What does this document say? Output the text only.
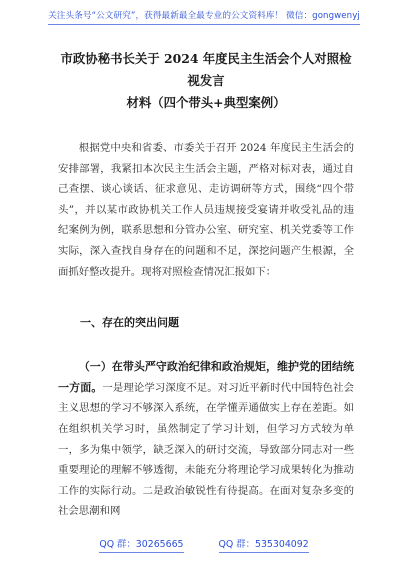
关注头条号“公文研究”，获得最新最全最专业的公文资料库！ 微信：gongwenyj
市政协秘书长关于 2024 年度民主生活会个人对照检视发言
材料（四个带头+典型案例）

根据党中央和省委、市委关于召开 2024 年度民主生活会的安排部署，我紧扣本次民主生活会主题，严格对标对表，通过自己查摆、谈心谈话、征求意见、走访调研等方式，围绕“四个带头”，并以某市政协机关工作人员违规接受宴请并收受礼品的违纪案例为例，联系思想和分管办公室、研究室、机关党委等工作实际，深入查找自身存在的问题和不足，深挖问题产生根源，全面抓好整改提升。现将对照检查情况汇报如下：

一、存在的突出问题

（一）在带头严守政治纪律和政治规矩，维护党的团结统一方面。一是理论学习深度不足。对习近平新时代中国特色社会主义思想的学习不够深入系统，在学懂弄通做实上存在差距。如在组织机关学习时，虽然制定了学习计划，但学习方式较为单一，多为集中领学，缺乏深入的研讨交流，导致部分同志对一些重要理论的理解不够透彻，未能充分将理论学习成果转化为推动工作的实际行动。二是政治敏锐性有待提高。在面对复杂多变的社会思潮和网

QQ 群：30265665	QQ 群：535304092
